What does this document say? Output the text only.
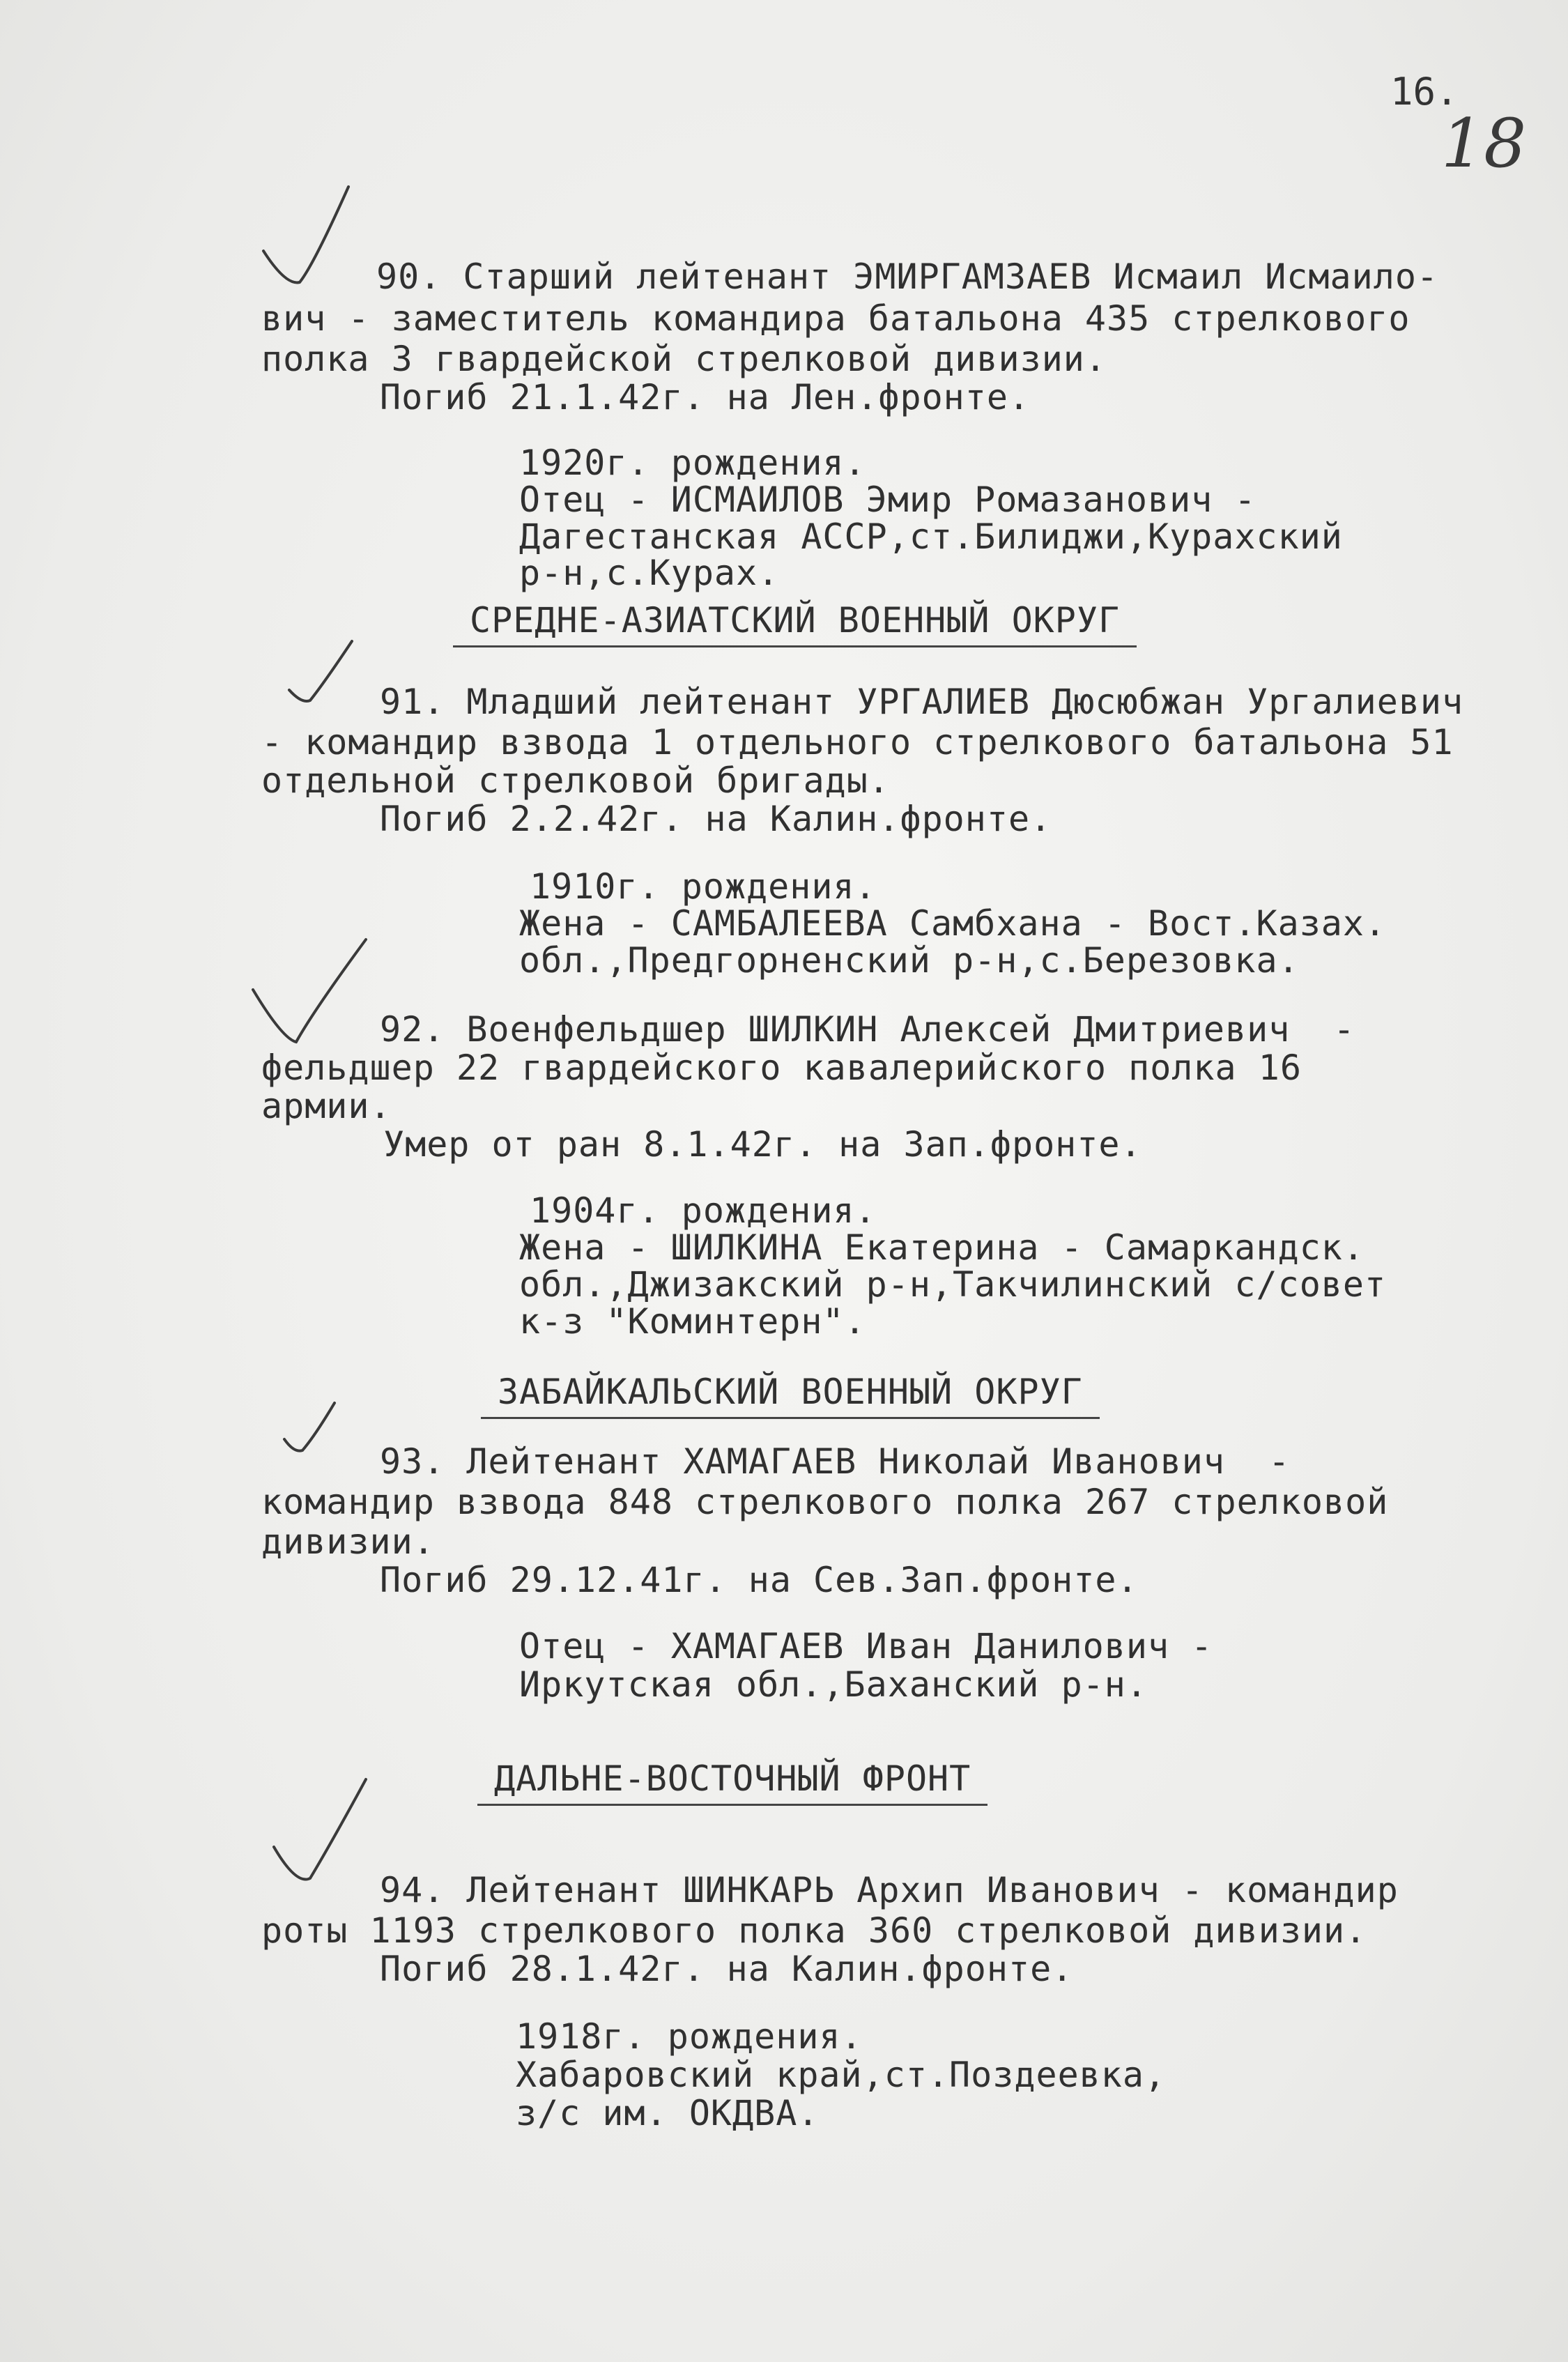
16.
18
90. Старший лейтенант ЭМИРГАМЗАЕВ Исмаил Исмаило-
вич - заместитель командира батальона 435 стрелкового
полка 3 гвардейской стрелковой дивизии.
Погиб 21.1.42г. на Лен.фронте.
1920г. рождения.
Отец - ИСМАИЛОВ Эмир Ромазанович -
Дагестанская АССР,ст.Билиджи,Курахский
р-н,с.Курах.
СРЕДНЕ-АЗИАТСКИЙ ВОЕННЫЙ ОКРУГ
91. Младший лейтенант УРГАЛИЕВ Дюсюбжан Ургалиевич
- командир взвода 1 отдельного стрелкового батальона 51
отдельной стрелковой бригады.
Погиб 2.2.42г. на Калин.фронте.
1910г. рождения.
Жена - САМБАЛЕЕВА Самбхана - Вост.Казах.
обл.,Предгорненский р-н,с.Березовка.
92. Военфельдшер ШИЛКИН Алексей Дмитриевич  -
фельдшер 22 гвардейского кавалерийского полка 16
армии.
Умер от ран 8.1.42г. на Зап.фронте.
1904г. рождения.
Жена - ШИЛКИНА Екатерина - Самаркандск.
обл.,Джизакский р-н,Такчилинский с/совет
к-з "Коминтерн".
ЗАБАЙКАЛЬСКИЙ ВОЕННЫЙ ОКРУГ
93. Лейтенант ХАМАГАЕВ Николай Иванович  -
командир взвода 848 стрелкового полка 267 стрелковой
дивизии.
Погиб 29.12.41г. на Сев.Зап.фронте.
Отец - ХАМАГАЕВ Иван Данилович -
Иркутская обл.,Баханский р-н.
ДАЛЬНЕ-ВОСТОЧНЫЙ ФРОНТ
94. Лейтенант ШИНКАРЬ Архип Иванович - командир
роты 1193 стрелкового полка 360 стрелковой дивизии.
Погиб 28.1.42г. на Калин.фронте.
1918г. рождения.
Хабаровский край,ст.Поздеевка,
з/с им. ОКДВА.
